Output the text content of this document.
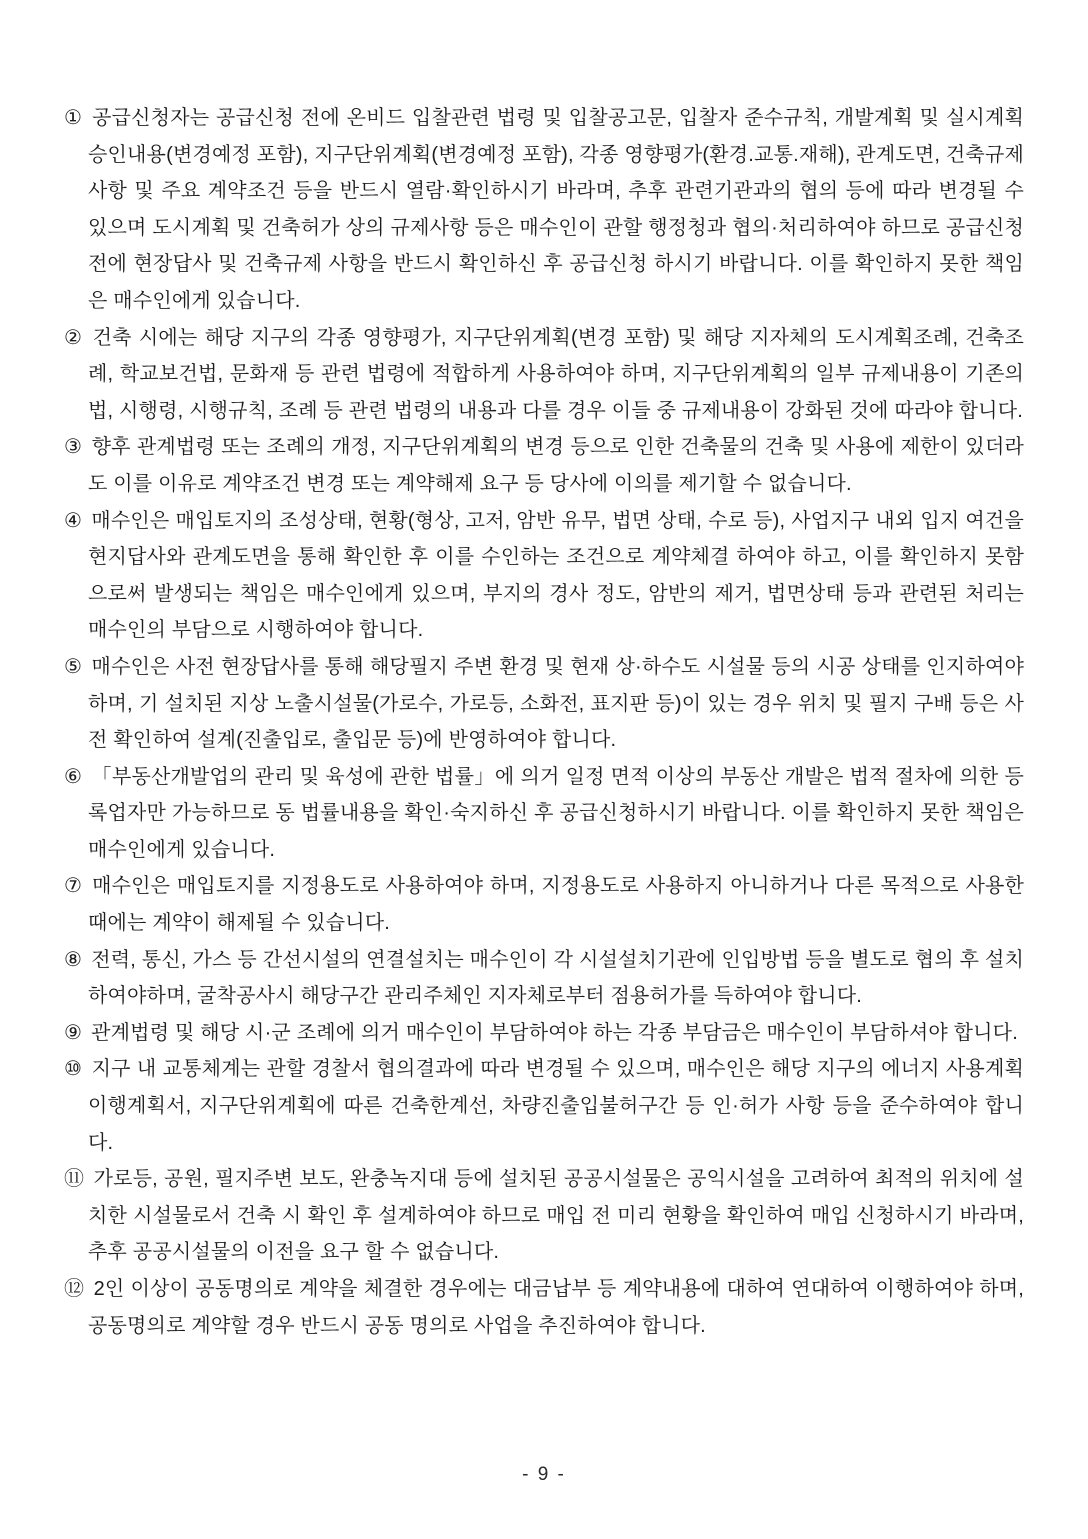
① 공급신청자는 공급신청 전에 온비드 입찰관련 법령 및 입찰공고문, 입찰자 준수규칙, 개발계획 및 실시계획 승인내용(변경예정 포함), 지구단위계획(변경예정 포함), 각종 영향평가(환경.교통.재해), 관계도면, 건축규제사항 및 주요 계약조건 등을 반드시 열람·확인하시기 바라며, 추후 관련기관과의 협의 등에 따라 변경될 수 있으며 도시계획 및 건축허가 상의 규제사항 등은 매수인이 관할 행정청과 협의·처리하여야 하므로 공급신청 전에 현장답사 및 건축규제 사항을 반드시 확인하신 후 공급신청 하시기 바랍니다. 이를 확인하지 못한 책임은 매수인에게 있습니다.

② 건축 시에는 해당 지구의 각종 영향평가, 지구단위계획(변경 포함) 및 해당 지자체의 도시계획조례, 건축조례, 학교보건법, 문화재 등 관련 법령에 적합하게 사용하여야 하며, 지구단위계획의 일부 규제내용이 기존의 법, 시행령, 시행규칙, 조례 등 관련 법령의 내용과 다를 경우 이들 중 규제내용이 강화된 것에 따라야 합니다.

③ 향후 관계법령 또는 조례의 개정, 지구단위계획의 변경 등으로 인한 건축물의 건축 및 사용에 제한이 있더라도 이를 이유로 계약조건 변경 또는 계약해제 요구 등 당사에 이의를 제기할 수 없습니다.

④ 매수인은 매입토지의 조성상태, 현황(형상, 고저, 암반 유무, 법면 상태, 수로 등), 사업지구 내외 입지 여건을 현지답사와 관계도면을 통해 확인한 후 이를 수인하는 조건으로 계약체결 하여야 하고, 이를 확인하지 못함으로써 발생되는 책임은 매수인에게 있으며, 부지의 경사 정도, 암반의 제거, 법면상태 등과 관련된 처리는 매수인의 부담으로 시행하여야 합니다.

⑤ 매수인은 사전 현장답사를 통해 해당필지 주변 환경 및 현재 상·하수도 시설물 등의 시공 상태를 인지하여야 하며, 기 설치된 지상 노출시설물(가로수, 가로등, 소화전, 표지판 등)이 있는 경우 위치 및 필지 구배 등은 사전 확인하여 설계(진출입로, 출입문 등)에 반영하여야 합니다.

⑥ 「부동산개발업의 관리 및 육성에 관한 법률」에 의거 일정 면적 이상의 부동산 개발은 법적 절차에 의한 등록업자만 가능하므로 동 법률내용을 확인·숙지하신 후 공급신청하시기 바랍니다. 이를 확인하지 못한 책임은 매수인에게 있습니다.

⑦ 매수인은 매입토지를 지정용도로 사용하여야 하며, 지정용도로 사용하지 아니하거나 다른 목적으로 사용한 때에는 계약이 해제될 수 있습니다.

⑧ 전력, 통신, 가스 등 간선시설의 연결설치는 매수인이 각 시설설치기관에 인입방법 등을 별도로 협의 후 설치하여야하며, 굴착공사시 해당구간 관리주체인 지자체로부터 점용허가를 득하여야 합니다.

⑨ 관계법령 및 해당 시·군 조례에 의거 매수인이 부담하여야 하는 각종 부담금은 매수인이 부담하셔야 합니다.

⑩ 지구 내 교통체계는 관할 경찰서 협의결과에 따라 변경될 수 있으며, 매수인은 해당 지구의 에너지 사용계획이행계획서, 지구단위계획에 따른 건축한계선, 차량진출입불허구간 등 인·허가 사항 등을 준수하여야 합니다.

⑪ 가로등, 공원, 필지주변 보도, 완충녹지대 등에 설치된 공공시설물은 공익시설을 고려하여 최적의 위치에 설치한 시설물로서 건축 시 확인 후 설계하여야 하므로 매입 전 미리 현황을 확인하여 매입 신청하시기 바라며, 추후 공공시설물의 이전을 요구 할 수 없습니다.

⑫ 2인 이상이 공동명의로 계약을 체결한 경우에는 대금납부 등 계약내용에 대하여 연대하여 이행하여야 하며, 공동명의로 계약할 경우 반드시 공동 명의로 사업을 추진하여야 합니다.

- 9 -
